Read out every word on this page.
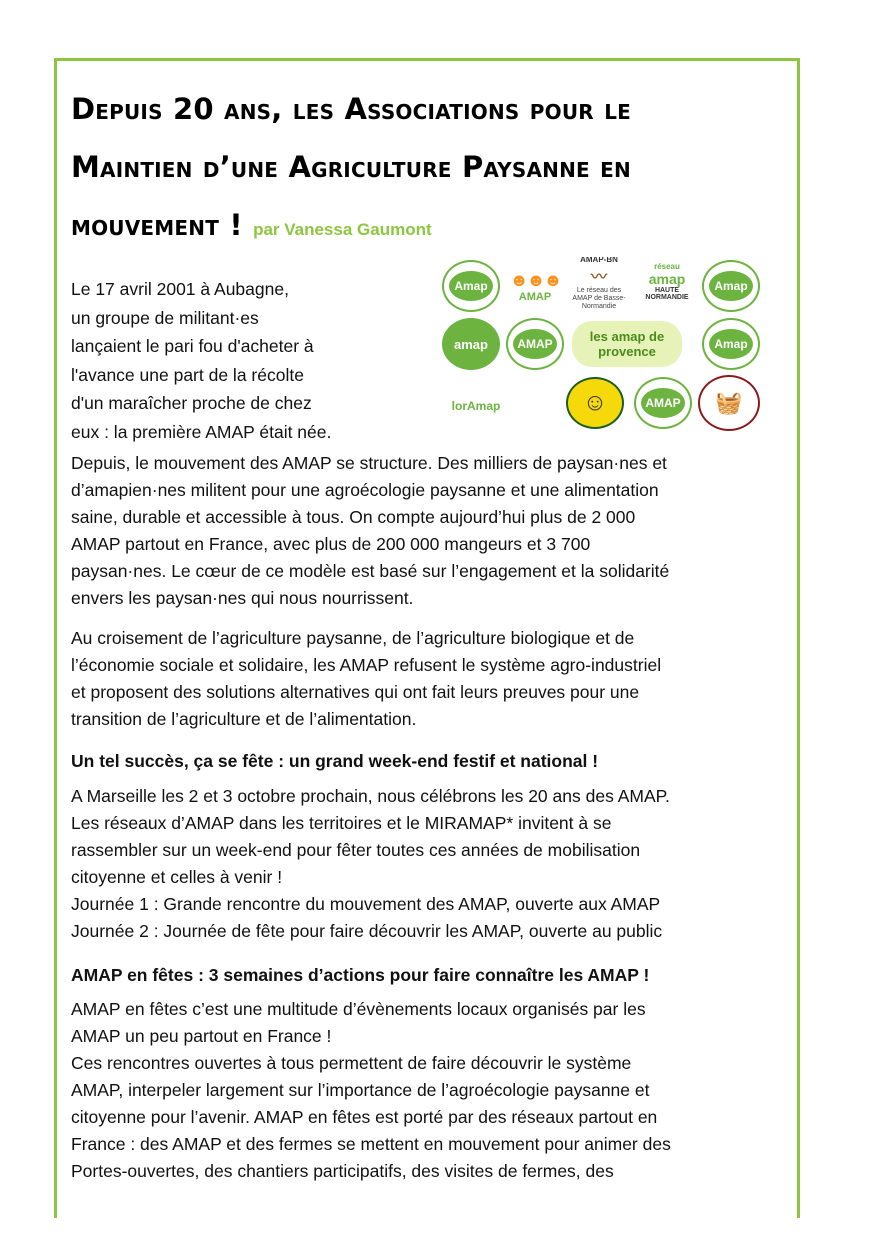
Depuis 20 ans, les Associations pour le Maintien d’une Agriculture Paysanne en mouvement ! par Vanessa Gaumont

Le 17 avril 2001 à Aubagne,
un groupe de militant·es
lançaient le pari fou d'acheter à
l'avance une part de la récolte
d'un maraîcher proche de chez
eux : la première AMAP était née.

Amap ☻☻☻
AMAP
AMAP-BN
〰
Le réseau des AMAP de Basse-Normandie
réseau
amap
HAUTE NORMANDIE
Amap
amap	AMAP	les amap de provence	Amap
lorAmap	☺	AMAP 🧺

Depuis, le mouvement des AMAP se structure. Des milliers de paysan·nes et
d’amapien·nes militent pour une agroécologie paysanne et une alimentation
saine, durable et accessible à tous. On compte aujourd’hui plus de 2 000
AMAP partout en France, avec plus de 200 000 mangeurs et 3 700
paysan·nes. Le cœur de ce modèle est basé sur l’engagement et la solidarité
envers les paysan·nes qui nous nourrissent.

Au croisement de l’agriculture paysanne, de l’agriculture biologique et de
l’économie sociale et solidaire, les AMAP refusent le système agro-industriel
et proposent des solutions alternatives qui ont fait leurs preuves pour une
transition de l’agriculture et de l’alimentation.

Un tel succès, ça se fête : un grand week-end festif et national !

A Marseille les 2 et 3 octobre prochain, nous célébrons les 20 ans des AMAP.
Les réseaux d’AMAP dans les territoires et le MIRAMAP* invitent à se
rassembler sur un week-end pour fêter toutes ces années de mobilisation
citoyenne et celles à venir !
Journée 1 : Grande rencontre du mouvement des AMAP, ouverte aux AMAP
Journée 2 : Journée de fête pour faire découvrir les AMAP, ouverte au public

AMAP en fêtes : 3 semaines d’actions pour faire connaître les AMAP !

AMAP en fêtes c’est une multitude d’évènements locaux organisés par les
AMAP un peu partout en France !
Ces rencontres ouvertes à tous permettent de faire découvrir le système
AMAP, interpeler largement sur l’importance de l’agroécologie paysanne et
citoyenne pour l’avenir. AMAP en fêtes est porté par des réseaux partout en
France : des AMAP et des fermes se mettent en mouvement pour animer des
Portes-ouvertes, des chantiers participatifs, des visites de fermes, des
